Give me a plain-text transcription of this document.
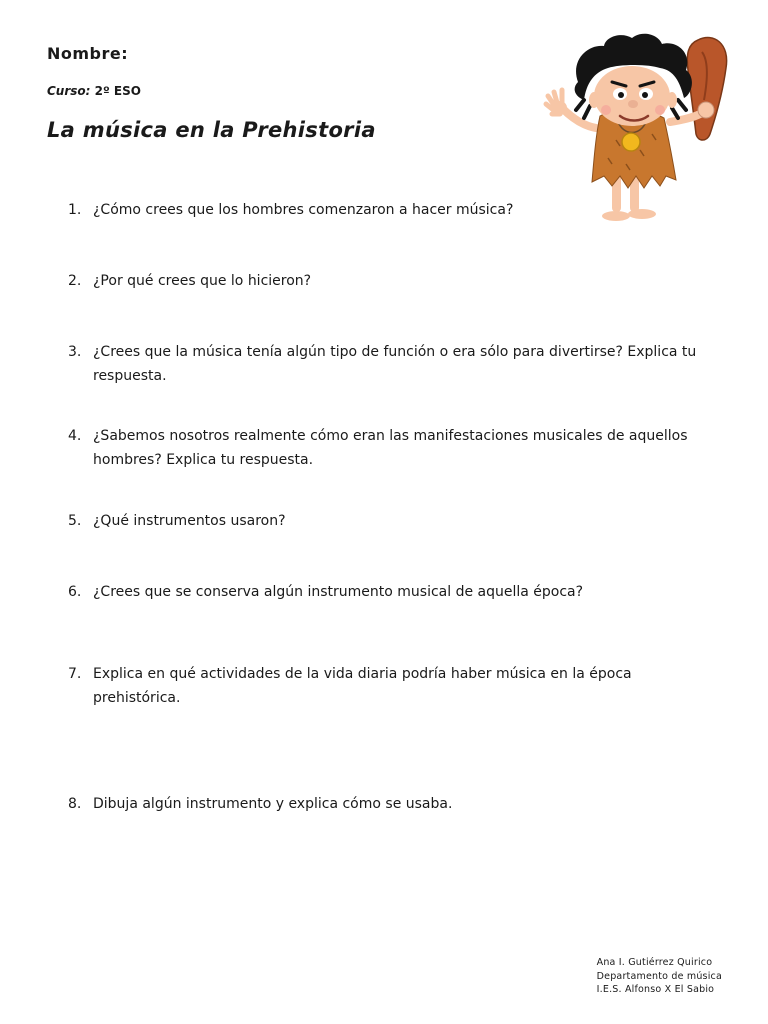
Nombre:
Curso: 2º ESO
La música en la Prehistoria
1. ¿Cómo crees que los hombres comenzaron a hacer música?
2. ¿Por qué crees que lo hicieron?
3. ¿Crees que la música tenía algún tipo de función o era sólo para divertirse? Explica tu respuesta.
4. ¿Sabemos nosotros realmente cómo eran las manifestaciones musicales de aquellos hombres? Explica tu respuesta.
5. ¿Qué instrumentos usaron?
6. ¿Crees que se conserva algún instrumento musical de aquella época?
7. Explica en qué actividades de la vida diaria podría haber música en la época prehistórica.
8. Dibuja algún instrumento y explica cómo se usaba.
Ana I. Gutiérrez Quirico
Departamento de música
I.E.S. Alfonso X El Sabio
